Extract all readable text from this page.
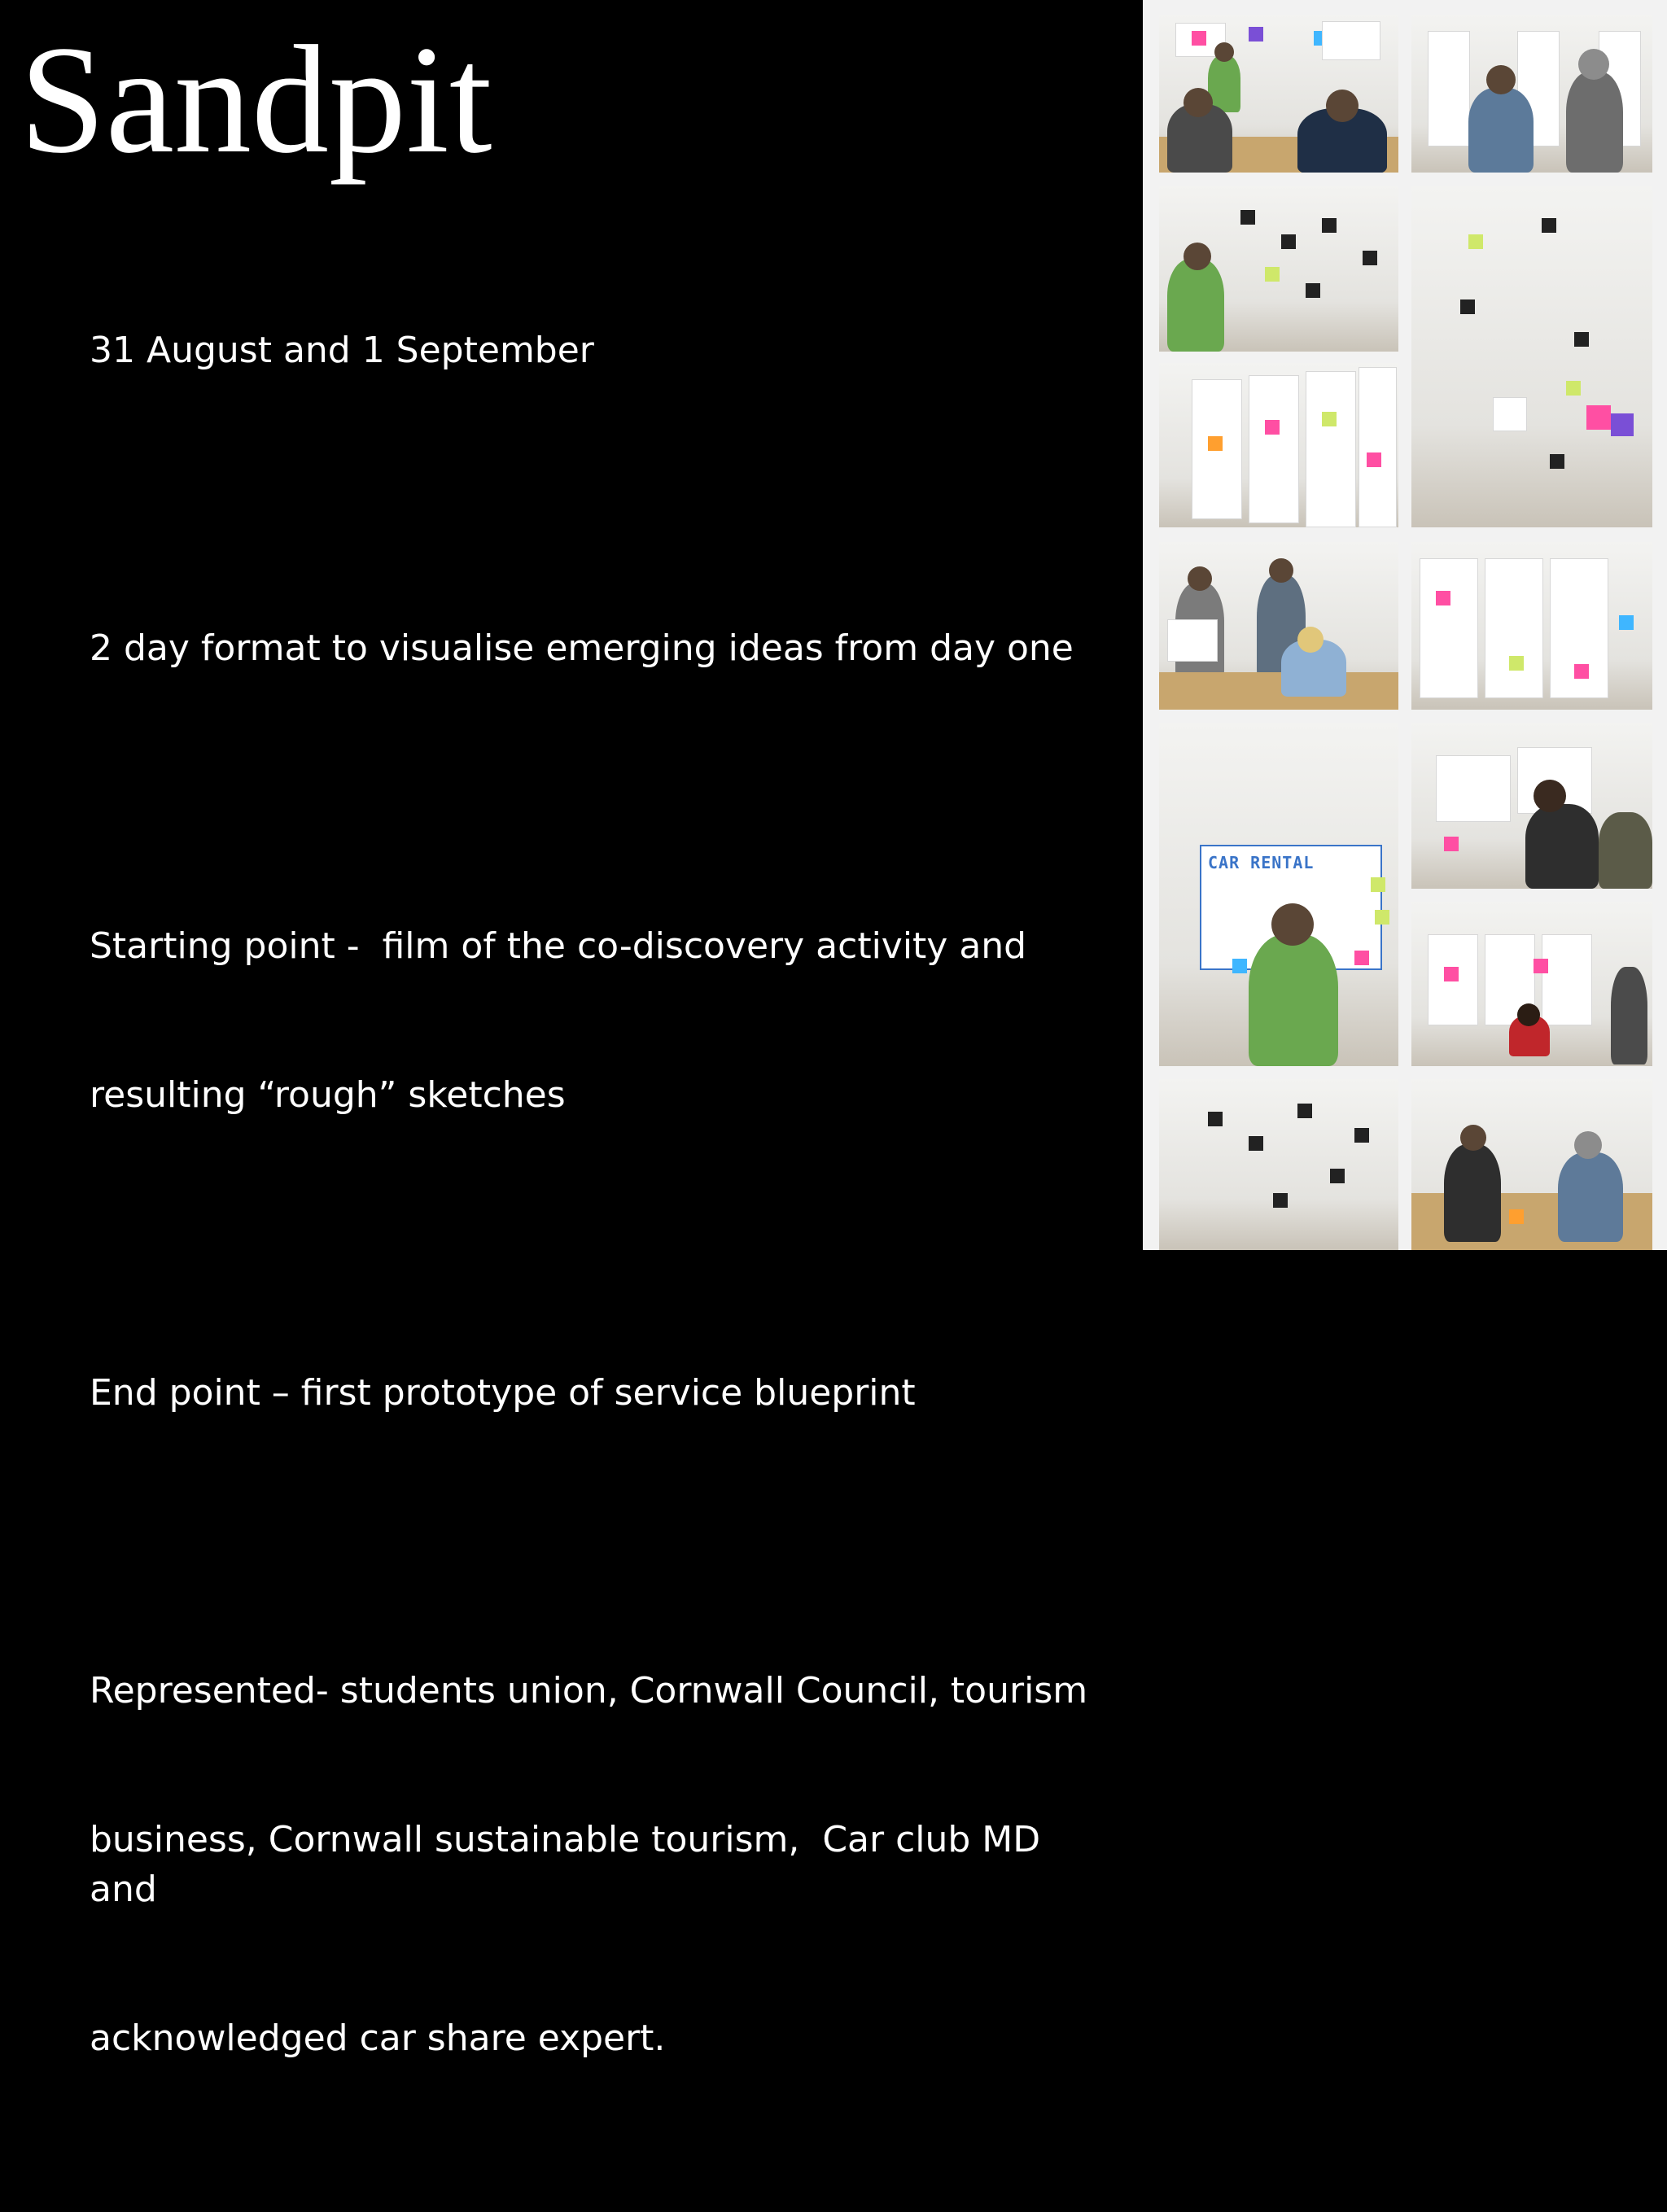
Sandpit

31 August and 1 September

2 day format to visualise emerging ideas from day one

Starting point -  film of the co-discovery activity and

resulting “rough” sketches

End point – first prototype of service blueprint

Represented- students union, Cornwall Council, tourism

business, Cornwall sustainable tourism,  Car club MD and

acknowledged car share expert.

CAR RENTAL
